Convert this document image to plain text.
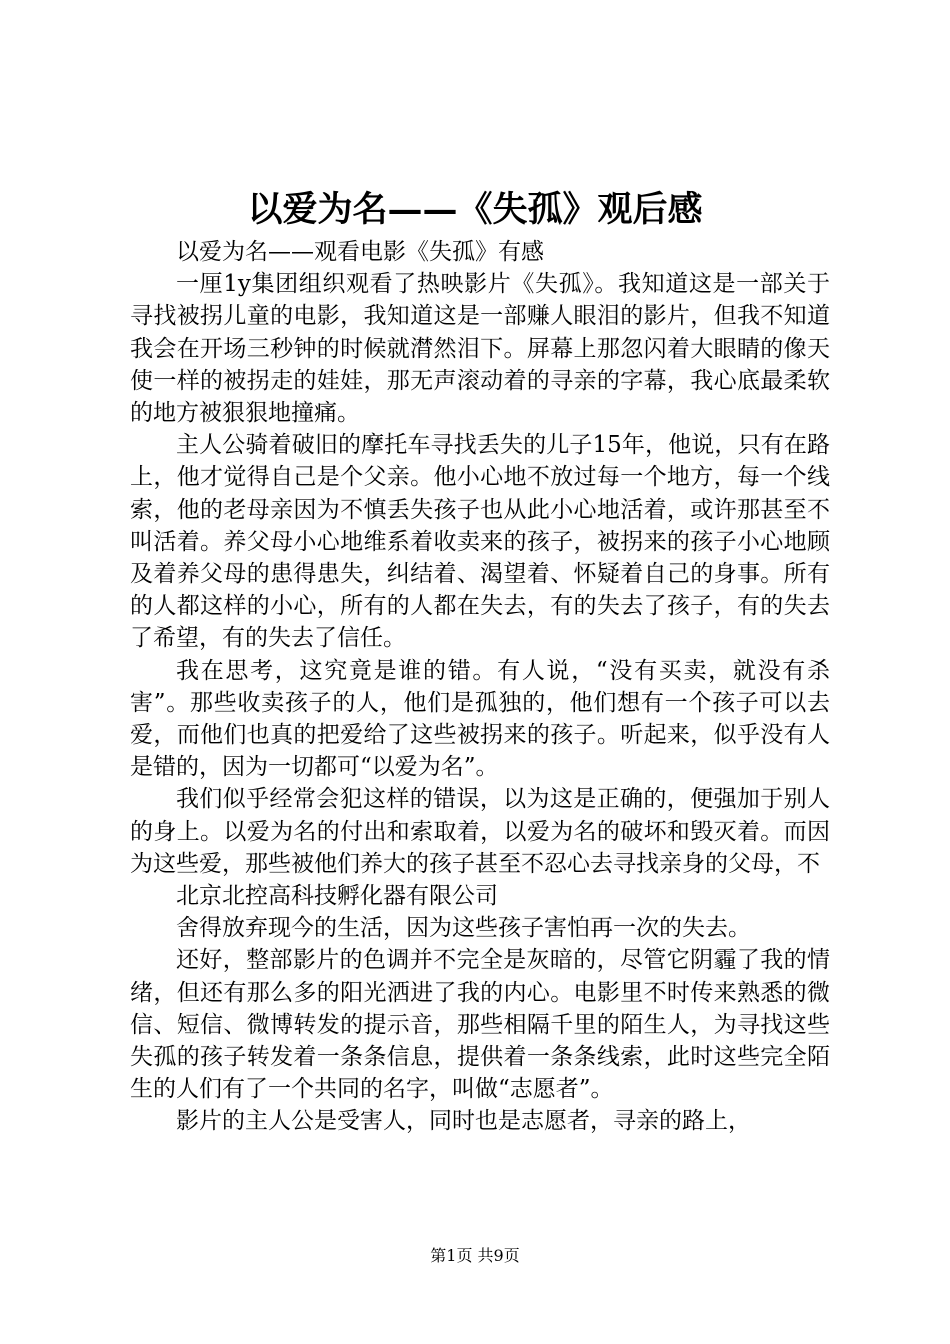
以爱为名——《失孤》观后感

以爱为名——观看电影《失孤》有感

一厘1y集团组织观看了热映影片《失孤》。我知道这是一部关于寻找被拐儿童的电影，我知道这是一部赚人眼泪的影片，但我不知道我会在开场三秒钟的时候就潸然泪下。屏幕上那忽闪着大眼睛的像天使一样的被拐走的娃娃，那无声滚动着的寻亲的字幕，我心底最柔软的地方被狠狠地撞痛。

主人公骑着破旧的摩托车寻找丢失的儿子15年，他说，只有在路上，他才觉得自己是个父亲。他小心地不放过每一个地方，每一个线索，他的老母亲因为不慎丢失孩子也从此小心地活着，或许那甚至不叫活着。养父母小心地维系着收卖来的孩子，被拐来的孩子小心地顾及着养父母的患得患失，纠结着、渴望着、怀疑着自己的身事。所有的人都这样的小心，所有的人都在失去，有的失去了孩子，有的失去了希望，有的失去了信任。

我在思考，这究竟是谁的错。有人说，“没有买卖，就没有杀害”。那些收卖孩子的人，他们是孤独的，他们想有一个孩子可以去爱，而他们也真的把爱给了这些被拐来的孩子。听起来，似乎没有人是错的，因为一切都可“以爱为名”。

我们似乎经常会犯这样的错误，以为这是正确的，便强加于别人的身上。以爱为名的付出和索取着，以爱为名的破坏和毁灭着。而因为这些爱，那些被他们养大的孩子甚至不忍心去寻找亲身的父母，不

北京北控高科技孵化器有限公司

舍得放弃现今的生活，因为这些孩子害怕再一次的失去。

还好，整部影片的色调并不完全是灰暗的，尽管它阴霾了我的情绪，但还有那么多的阳光洒进了我的内心。电影里不时传来熟悉的微信、短信、微博转发的提示音，那些相隔千里的陌生人，为寻找这些失孤的孩子转发着一条条信息，提供着一条条线索，此时这些完全陌生的人们有了一个共同的名字，叫做“志愿者”。

影片的主人公是受害人，同时也是志愿者，寻亲的路上，

第1页 共9页
